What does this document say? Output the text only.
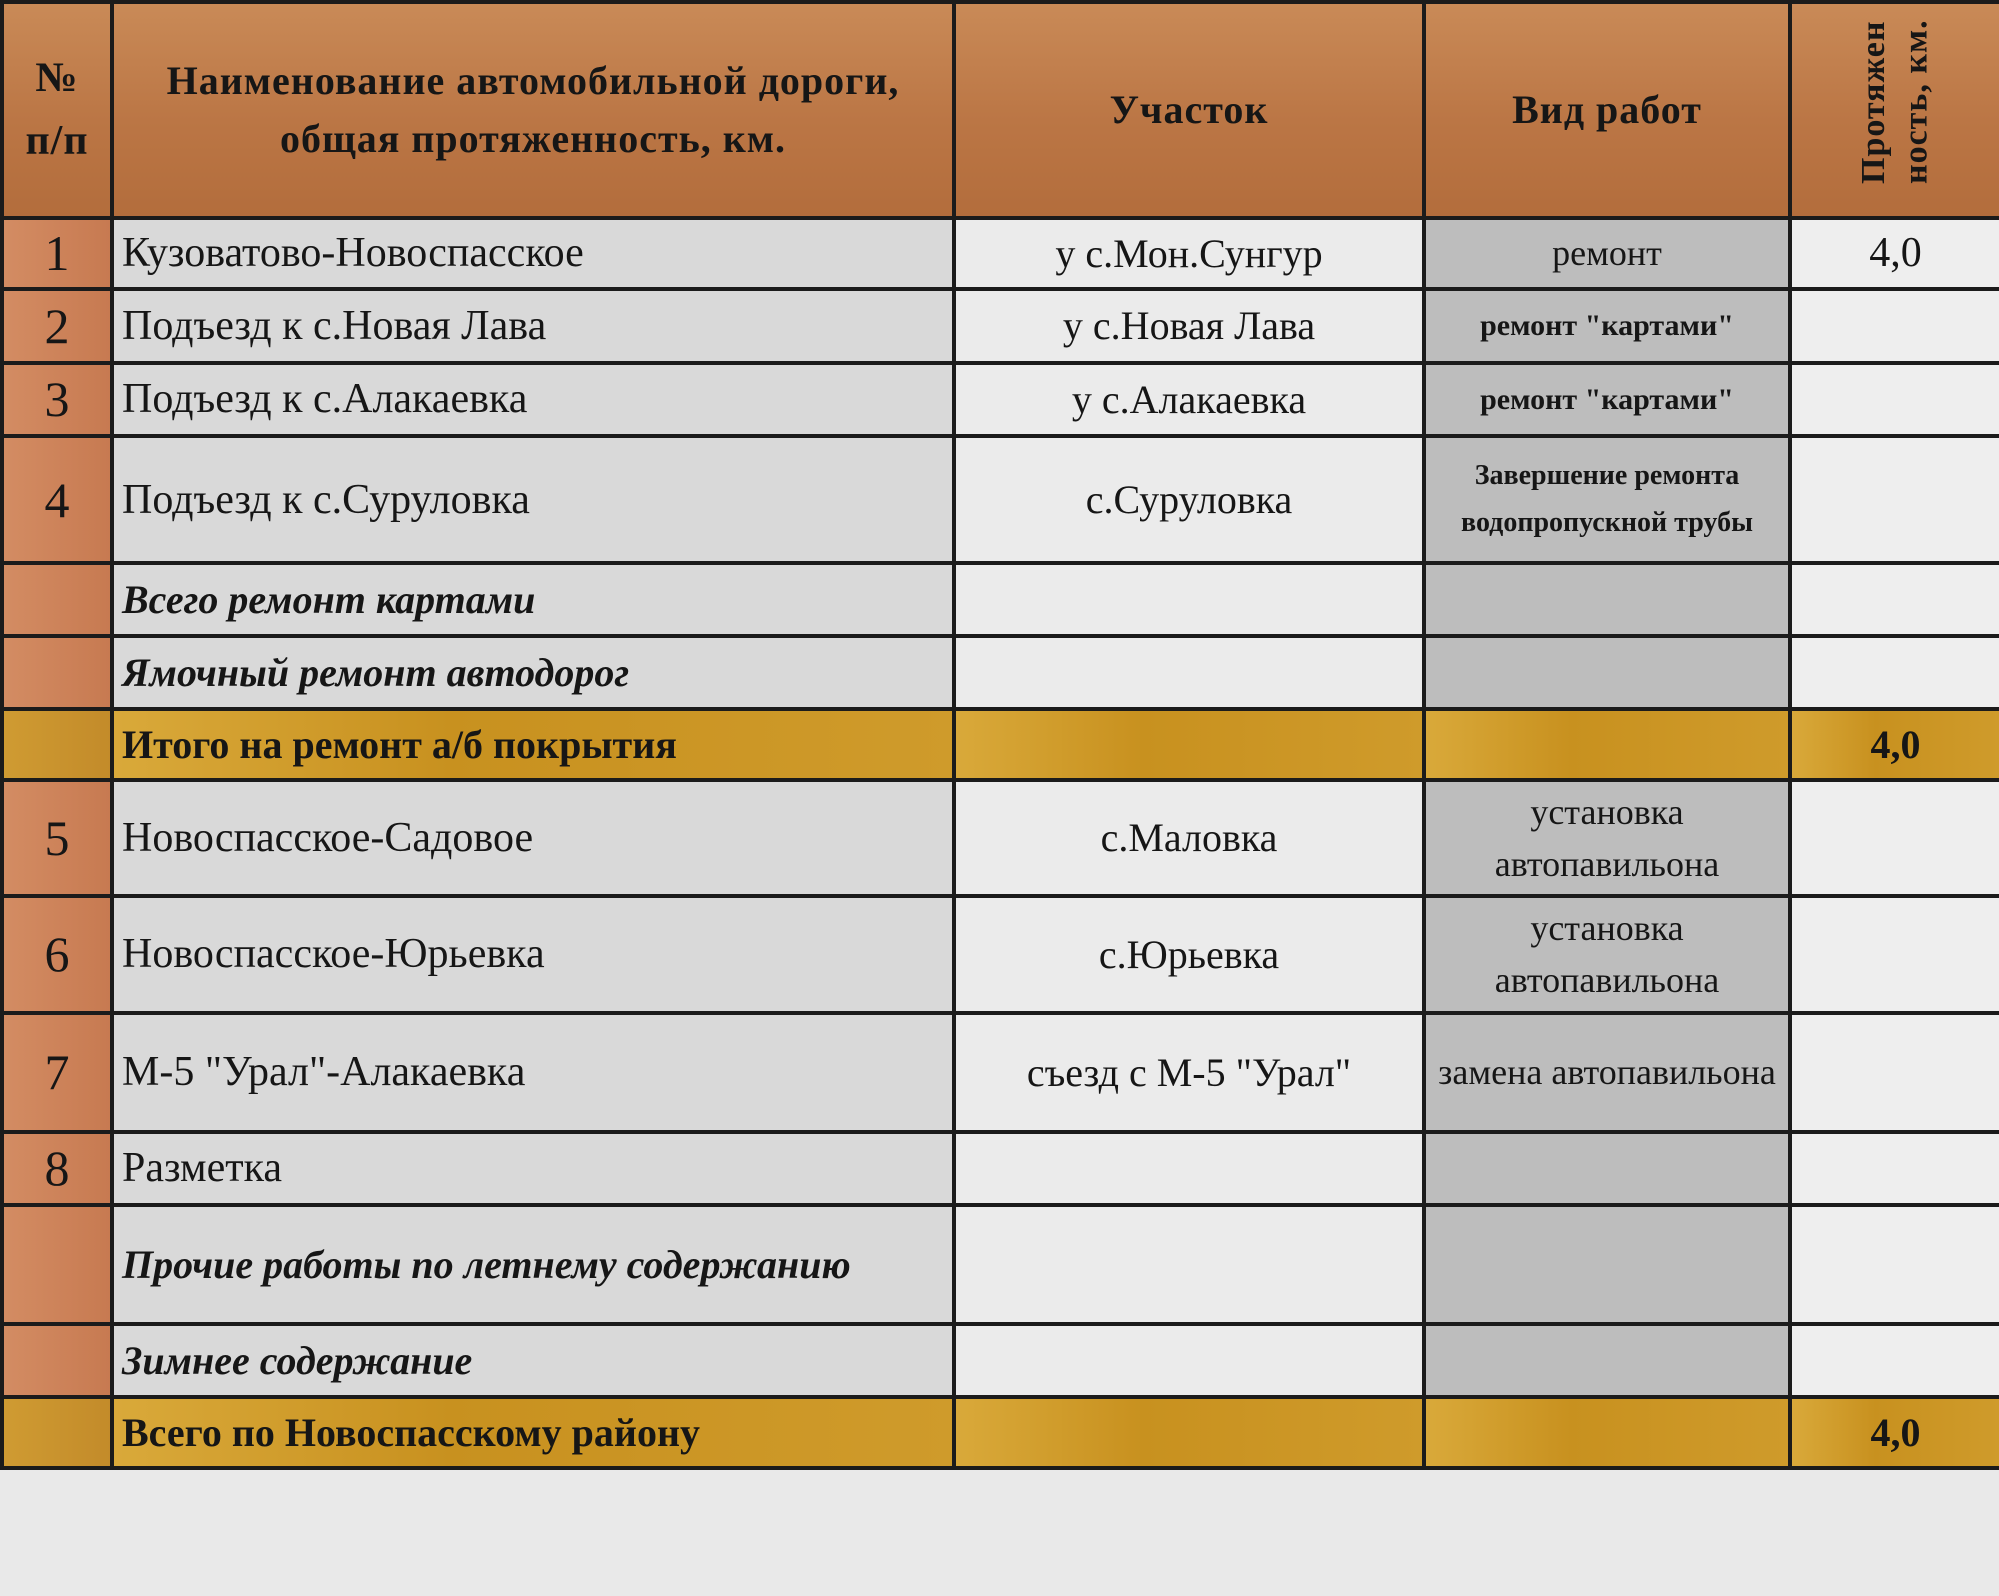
№ п/п	Наименование автомобильной дороги, общая протяженность, км.	Участок	Вид работ	Протяжен ность, км.
1	Кузоватово-Новоспасское	у с.Мон.Сунгур	ремонт	4,0
2	Подъезд к с.Новая Лава	у с.Новая Лава	ремонт "картами"	
3	Подъезд к с.Алакаевка	у с.Алакаевка	ремонт "картами"	
4	Подъезд к с.Суруловка	с.Суруловка	Завершение ремонта водопропускной трубы	
	Всего ремонт картами			
	Ямочный ремонт автодорог			
	Итого на ремонт а/б покрытия			4,0
5	Новоспасское-Садовое	с.Маловка	установка автопавильона	
6	Новоспасское-Юрьевка	с.Юрьевка	установка автопавильона	
7	М-5 "Урал"-Алакаевка	съезд с М-5 "Урал"	замена автопавильона	
8	Разметка			
	Прочие работы по летнему содержанию			
	Зимнее содержание			
	Всего по Новоспасскому району			4,0
